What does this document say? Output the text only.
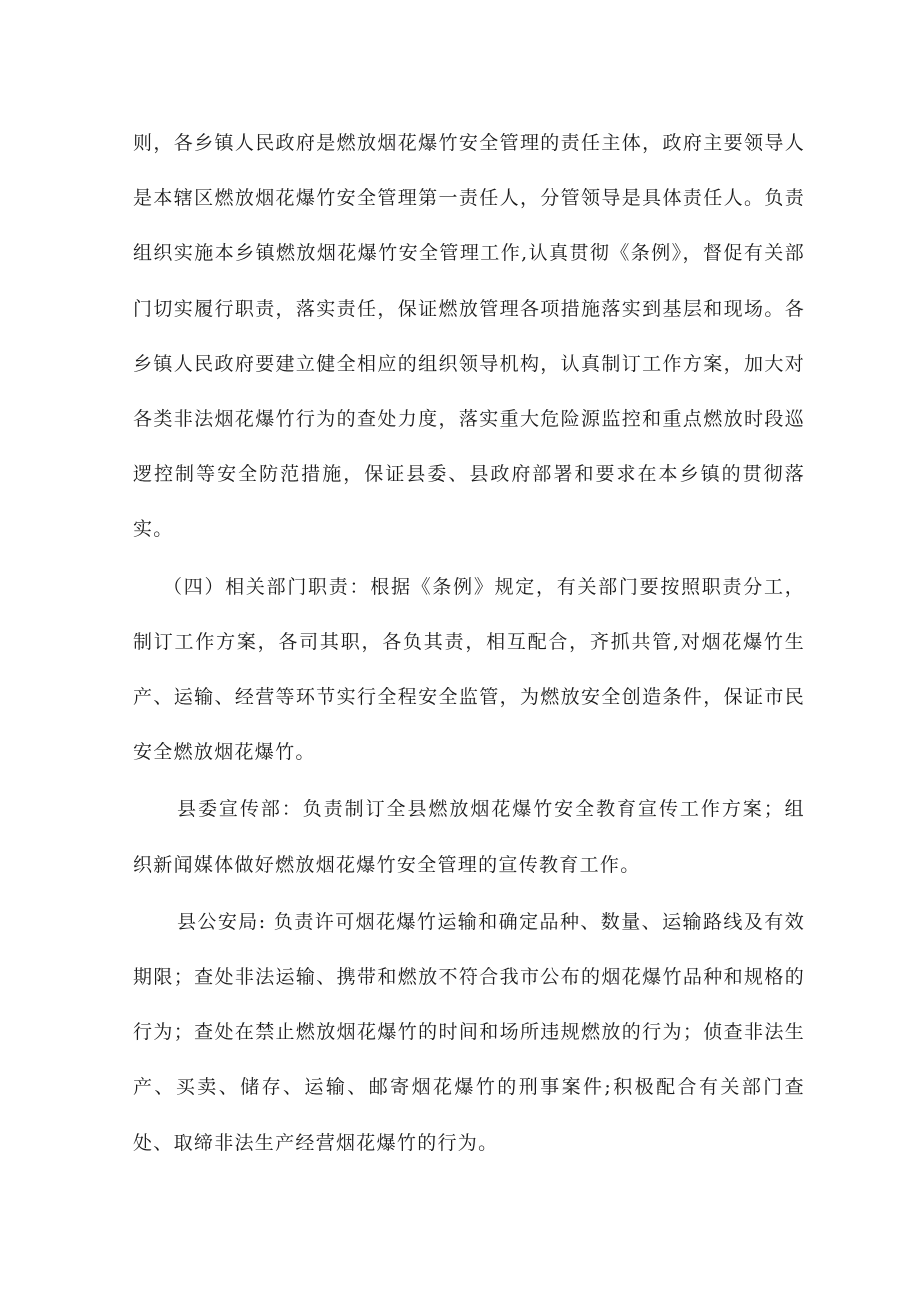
则，各乡镇人民政府是燃放烟花爆竹安全管理的责任主体，政府主要领导人是本辖区燃放烟花爆竹安全管理第一责任人，分管领导是具体责任人。负责组织实施本乡镇燃放烟花爆竹安全管理工作,认真贯彻《条例》，督促有关部门切实履行职责，落实责任，保证燃放管理各项措施落实到基层和现场。各乡镇人民政府要建立健全相应的组织领导机构，认真制订工作方案，加大对各类非法烟花爆竹行为的查处力度，落实重大危险源监控和重点燃放时段巡逻控制等安全防范措施，保证县委、县政府部署和要求在本乡镇的贯彻落实。

（四）相关部门职责：根据《条例》规定，有关部门要按照职责分工，制订工作方案，各司其职，各负其责，相互配合，齐抓共管,对烟花爆竹生产、运输、经营等环节实行全程安全监管，为燃放安全创造条件，保证市民安全燃放烟花爆竹。

县委宣传部：负责制订全县燃放烟花爆竹安全教育宣传工作方案；组织新闻媒体做好燃放烟花爆竹安全管理的宣传教育工作。

县公安局: 负责许可烟花爆竹运输和确定品种、数量、运输路线及有效期限；查处非法运输、携带和燃放不符合我市公布的烟花爆竹品种和规格的行为；查处在禁止燃放烟花爆竹的时间和场所违规燃放的行为；侦查非法生产、买卖、储存、运输、邮寄烟花爆竹的刑事案件;积极配合有关部门查处、取缔非法生产经营烟花爆竹的行为。
